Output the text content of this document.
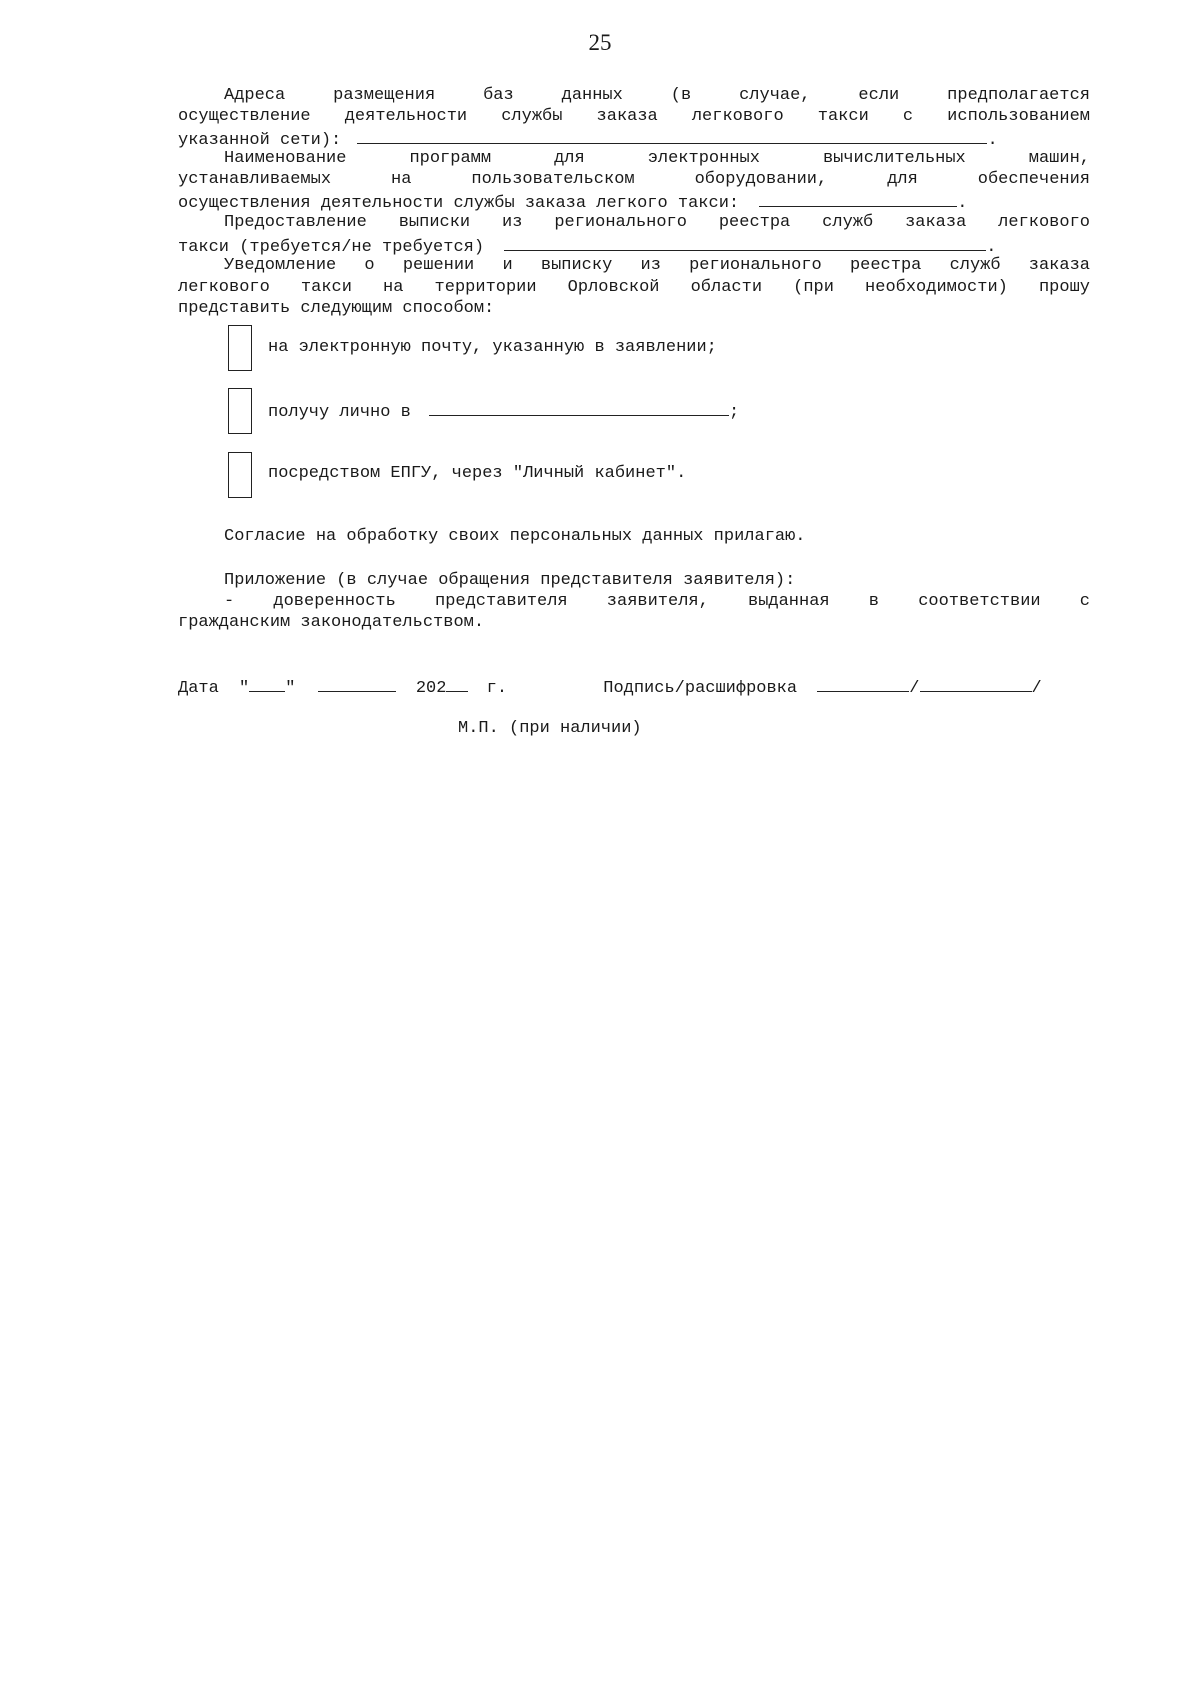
25
Адреса размещения баз данных (в случае, если предполагается
осуществление деятельности службы заказа легкового такси с использованием
указанной сети):	.
Наименование программ для электронных вычислительных машин,
устанавливаемых на пользовательском оборудовании, для обеспечения
осуществления деятельности службы заказа легкого такси:	.
Предоставление выписки из регионального реестра служб заказа легкового
такси (требуется/не требуется)	.
Уведомление о решении и выписку из регионального реестра служб заказа
легкового такси на территории Орловской области (при необходимости) прошу
представить следующим способом:
на электронную почту, указанную в заявлении;
получу лично в	;
посредством ЕПГУ, через "Личный кабинет".
Согласие на обработку своих персональных данных прилагаю.
Приложение (в случае обращения представителя заявителя):
- доверенность представителя заявителя, выданная в соответствии с
гражданским законодательством.
Дата " "	202 г.	Подпись/расшифровка	/	/
М.П. (при наличии)
